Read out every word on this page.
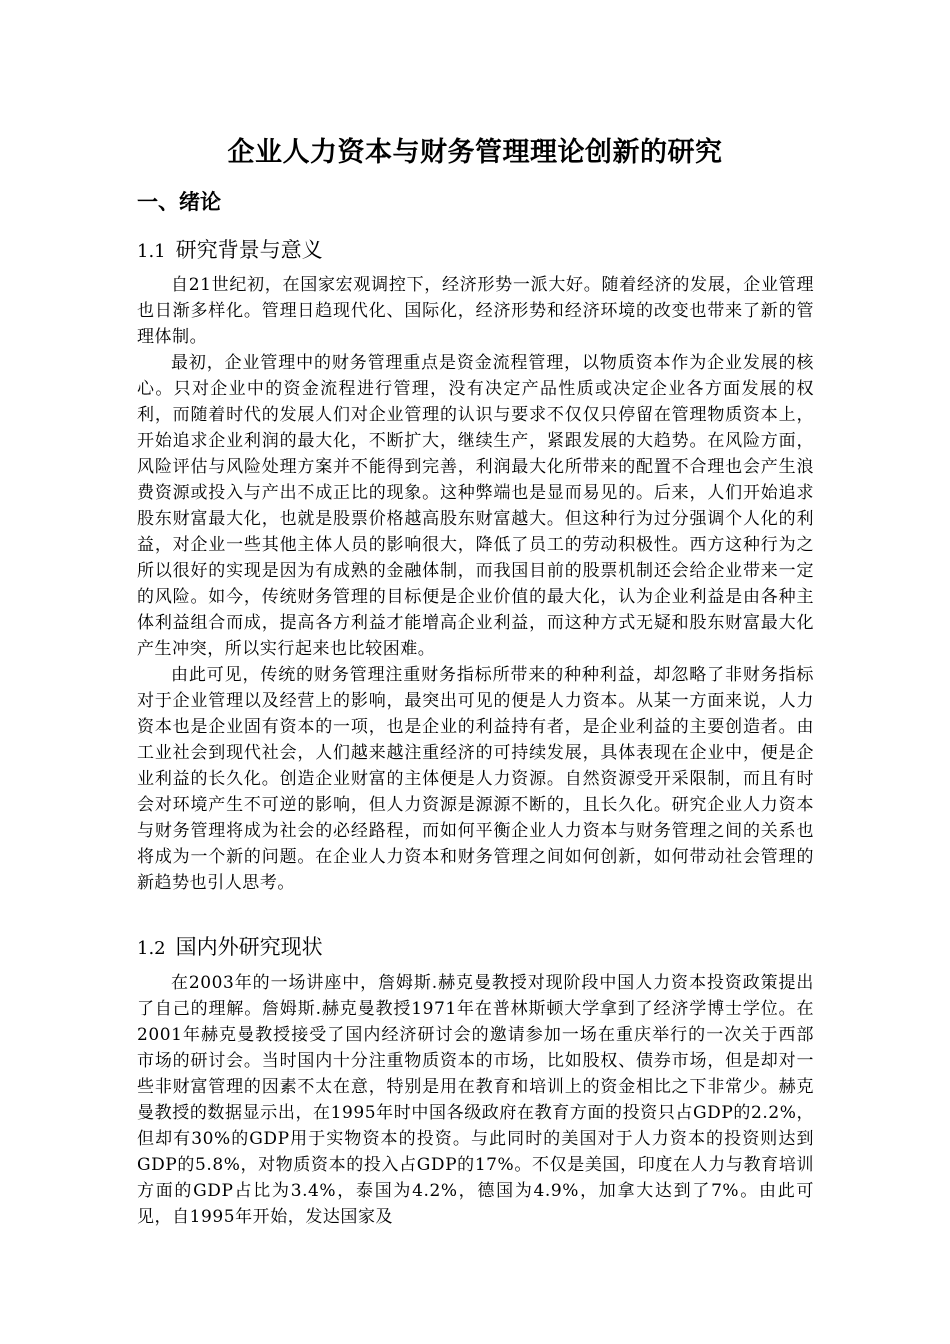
企业人力资本与财务管理理论创新的研究
一、绪论
1.1 研究背景与意义

自21世纪初，在国家宏观调控下，经济形势一派大好。随着经济的发展，企业管理也日渐多样化。管理日趋现代化、国际化，经济形势和经济环境的改变也带来了新的管理体制。

最初，企业管理中的财务管理重点是资金流程管理，以物质资本作为企业发展的核心。只对企业中的资金流程进行管理，没有决定产品性质或决定企业各方面发展的权利，而随着时代的发展人们对企业管理的认识与要求不仅仅只停留在管理物质资本上，开始追求企业利润的最大化，不断扩大，继续生产，紧跟发展的大趋势。在风险方面，风险评估与风险处理方案并不能得到完善，利润最大化所带来的配置不合理也会产生浪费资源或投入与产出不成正比的现象。这种弊端也是显而易见的。后来，人们开始追求股东财富最大化，也就是股票价格越高股东财富越大。但这种行为过分强调个人化的利益，对企业一些其他主体人员的影响很大，降低了员工的劳动积极性。西方这种行为之所以很好的实现是因为有成熟的金融体制，而我国目前的股票机制还会给企业带来一定的风险。如今，传统财务管理的目标便是企业价值的最大化，认为企业利益是由各种主体利益组合而成，提高各方利益才能增高企业利益，而这种方式无疑和股东财富最大化产生冲突，所以实行起来也比较困难。

由此可见，传统的财务管理注重财务指标所带来的种种利益，却忽略了非财务指标对于企业管理以及经营上的影响，最突出可见的便是人力资本。从某一方面来说，人力资本也是企业固有资本的一项，也是企业的利益持有者，是企业利益的主要创造者。由工业社会到现代社会，人们越来越注重经济的可持续发展，具体表现在企业中，便是企业利益的长久化。创造企业财富的主体便是人力资源。自然资源受开采限制，而且有时会对环境产生不可逆的影响，但人力资源是源源不断的，且长久化。研究企业人力资本与财务管理将成为社会的必经路程，而如何平衡企业人力资本与财务管理之间的关系也将成为一个新的问题。在企业人力资本和财务管理之间如何创新，如何带动社会管理的新趋势也引人思考。

1.2 国内外研究现状

在2003年的一场讲座中，詹姆斯.赫克曼教授对现阶段中国人力资本投资政策提出了自己的理解。詹姆斯.赫克曼教授1971年在普林斯顿大学拿到了经济学博士学位。在2001年赫克曼教授接受了国内经济研讨会的邀请参加一场在重庆举行的一次关于西部市场的研讨会。当时国内十分注重物质资本的市场，比如股权、债券市场，但是却对一些非财富管理的因素不太在意，特别是用在教育和培训上的资金相比之下非常少。赫克曼教授的数据显示出，在1995年时中国各级政府在教育方面的投资只占GDP的2.2%，但却有30%的GDP用于实物资本的投资。与此同时的美国对于人力资本的投资则达到GDP的5.8%，对物质资本的投入占GDP的17%。不仅是美国，印度在人力与教育培训方面的GDP占比为3.4%，泰国为4.2%，德国为4.9%，加拿大达到了7%。由此可见，自1995年开始，发达国家及
